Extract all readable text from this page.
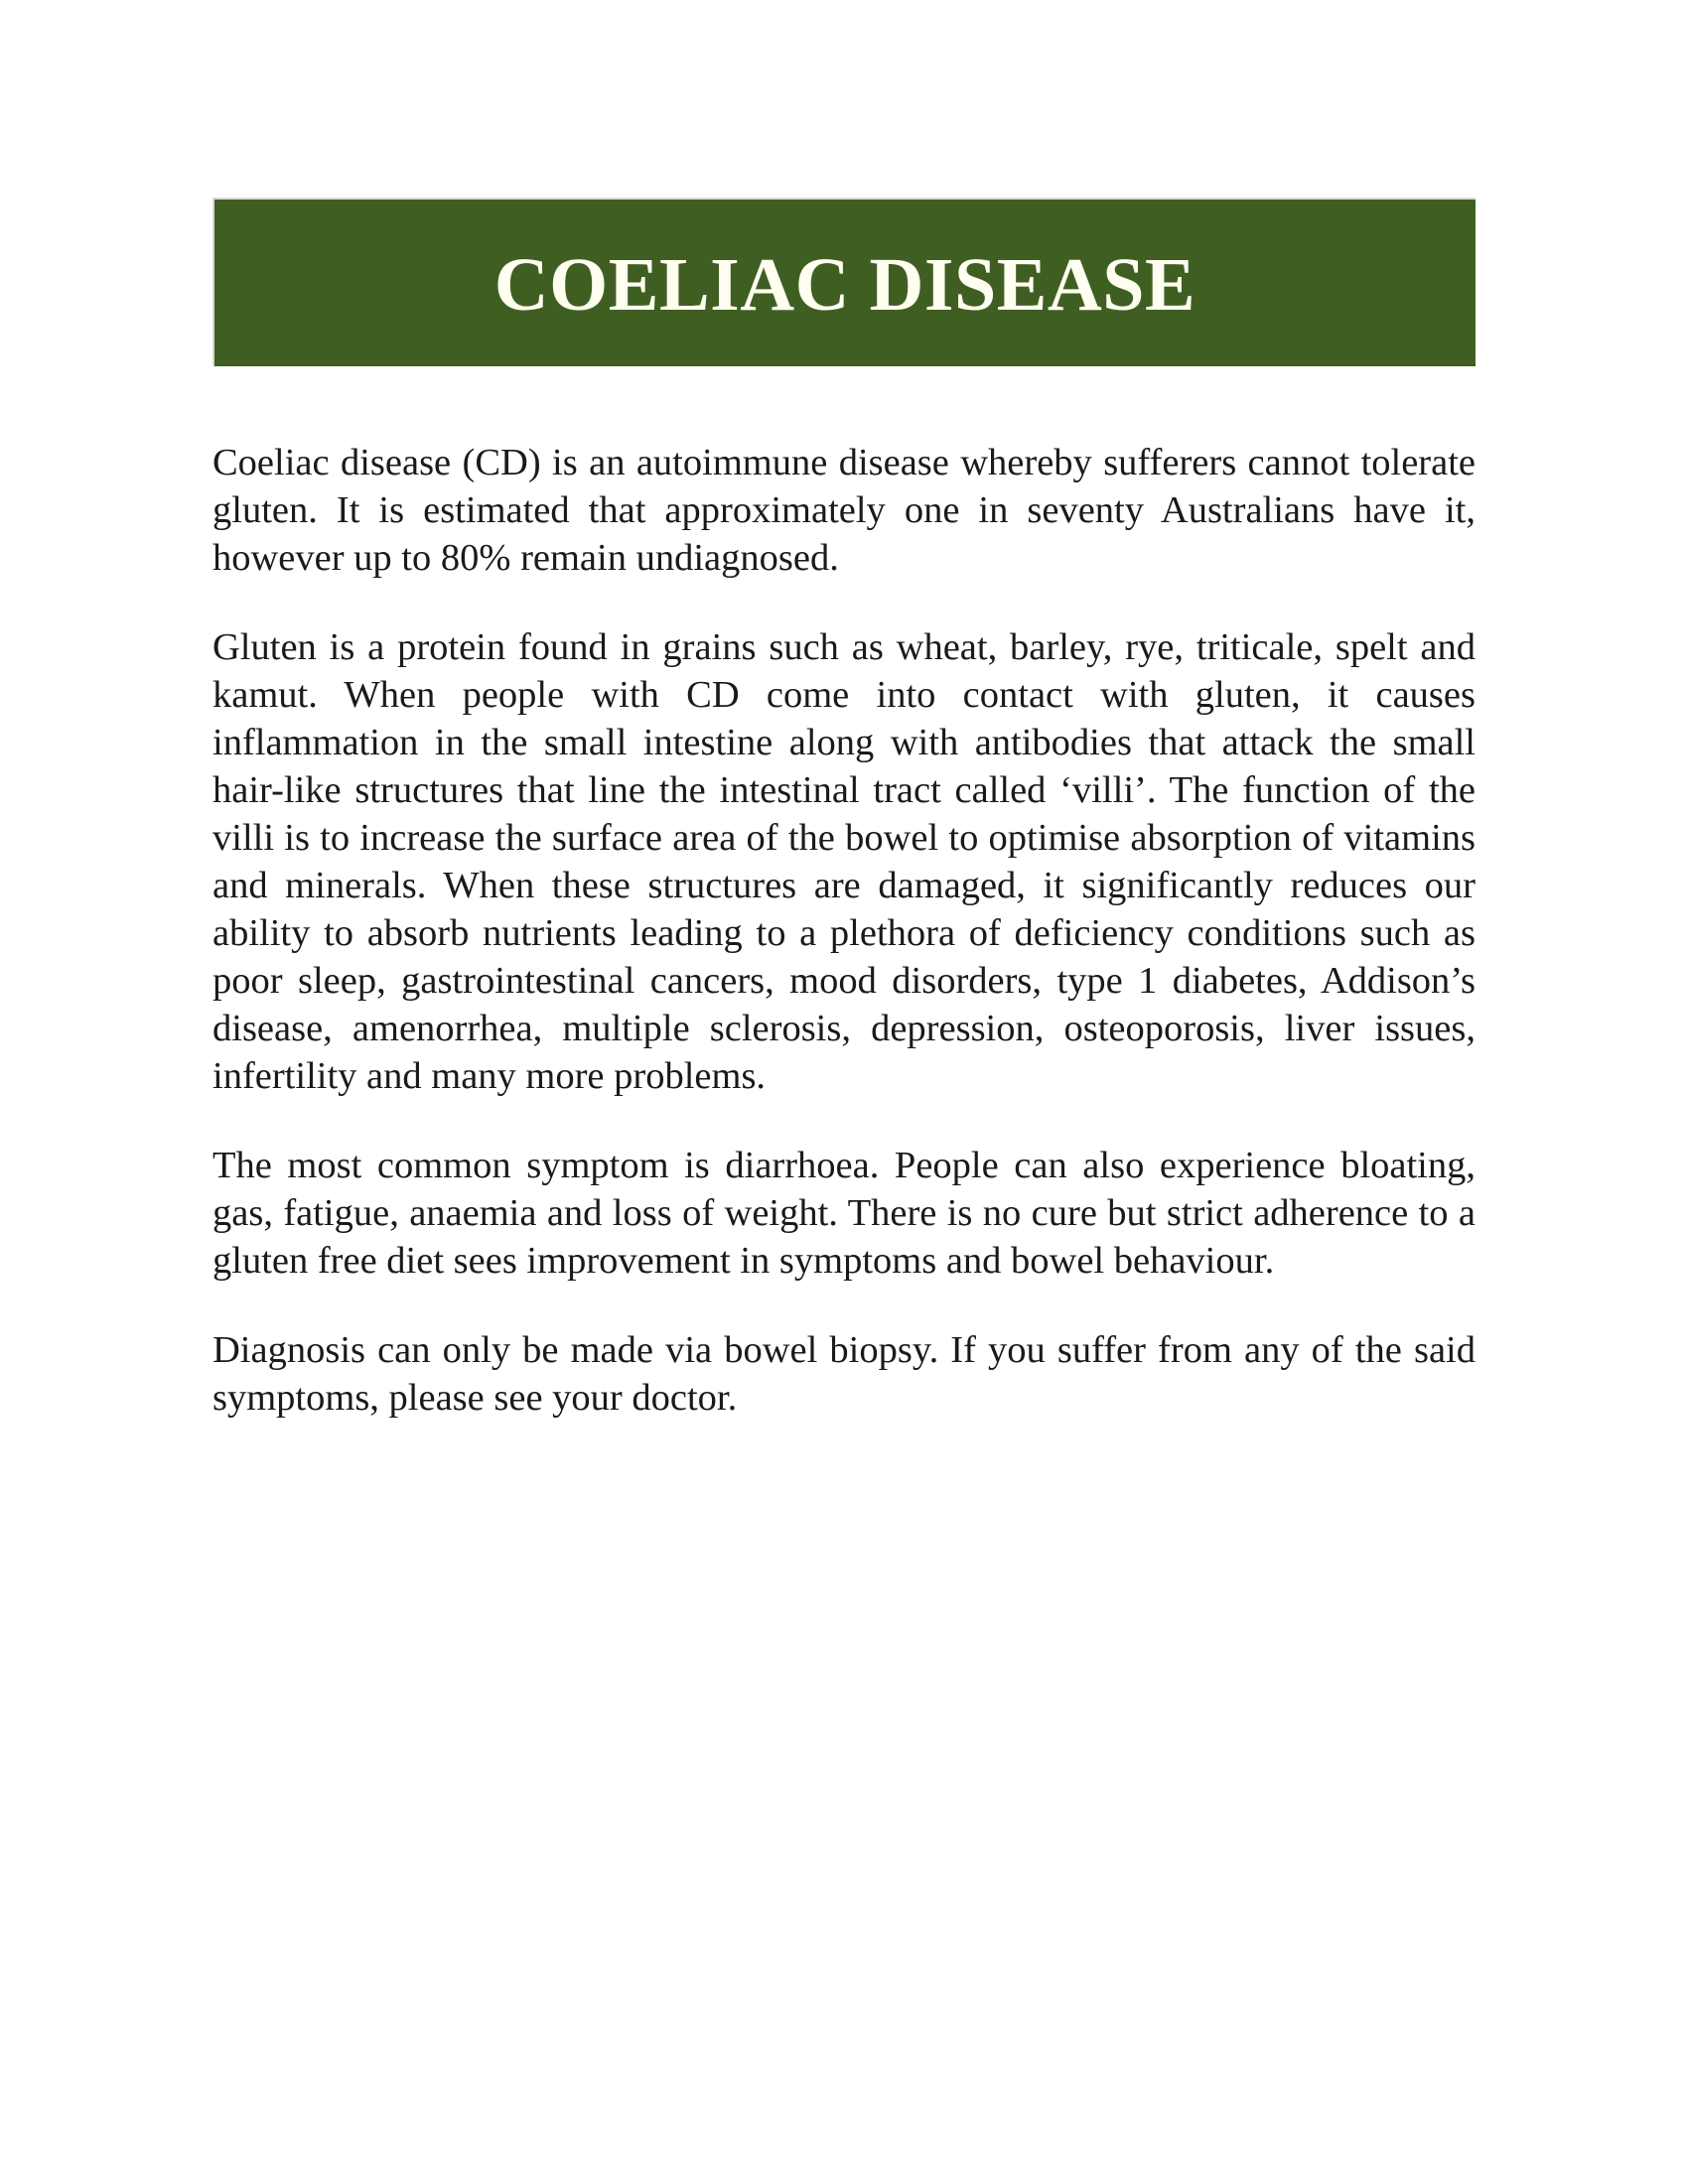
COELIAC DISEASE

Coeliac disease (CD) is an autoimmune disease whereby sufferers cannot tolerate gluten. It is estimated that approximately one in seventy Australians have it, however up to 80% remain undiagnosed.

Gluten is a protein found in grains such as wheat, barley, rye, triticale, spelt and kamut. When people with CD come into contact with gluten, it causes inflammation in the small intestine along with antibodies that attack the small hair-like structures that line the intestinal tract called ‘villi’. The function of the villi is to increase the surface area of the bowel to optimise absorption of vitamins and minerals. When these structures are damaged, it significantly reduces our ability to absorb nutrients leading to a plethora of deficiency conditions such as poor sleep, gastrointestinal cancers, mood disorders, type 1 diabetes, Addison’s disease, amenorrhea, multiple sclerosis, depression, osteoporosis, liver issues, infertility and many more problems.

The most common symptom is diarrhoea. People can also experience bloating, gas, fatigue, anaemia and loss of weight. There is no cure but strict adherence to a gluten free diet sees improvement in symptoms and bowel behaviour.

Diagnosis can only be made via bowel biopsy. If you suffer from any of the said symptoms, please see your doctor.
